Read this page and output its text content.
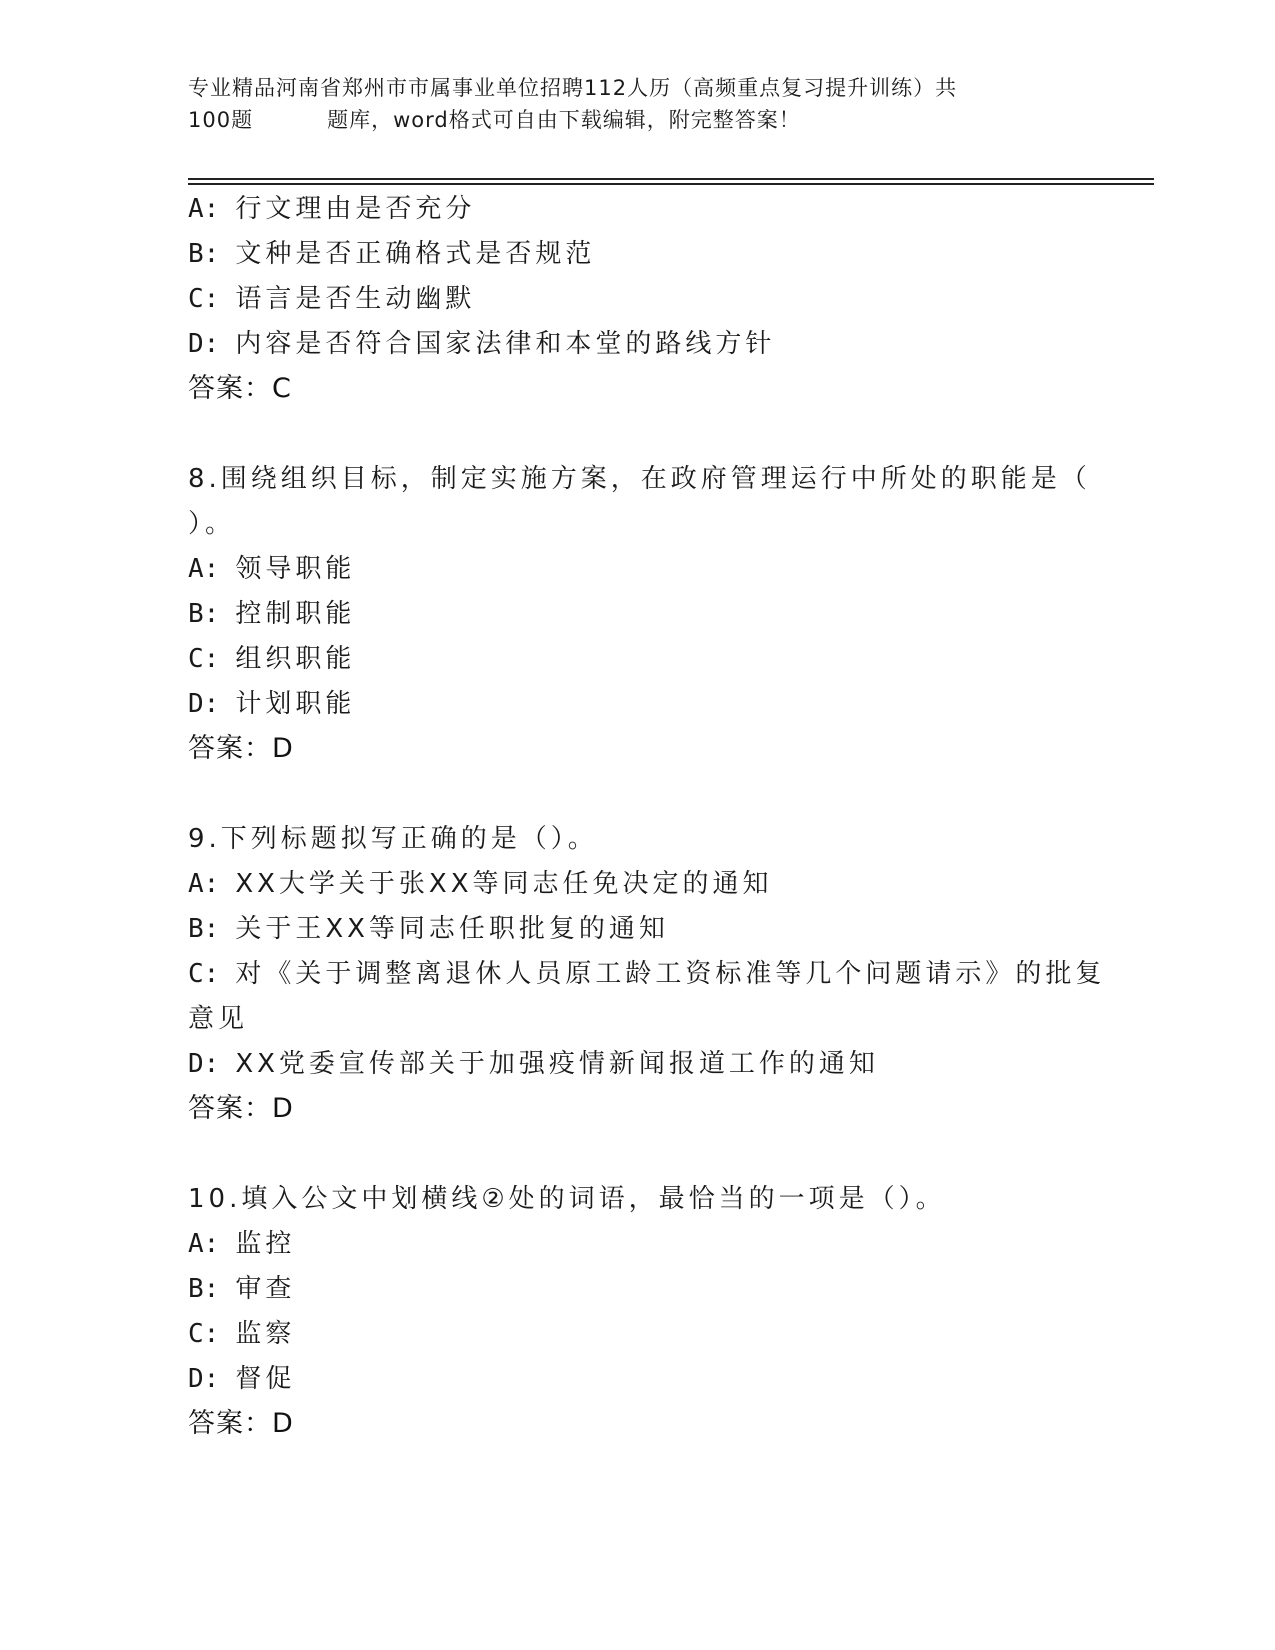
专业精品河南省郑州市市属事业单位招聘112人历（高频重点复习提升训练）共
100题	题库，word格式可自由下载编辑，附完整答案！
A: 行文理由是否充分
B: 文种是否正确格式是否规范
C: 语言是否生动幽默
D: 内容是否符合国家法律和本堂的路线方针
答案：C
8.围绕组织目标，制定实施方案，在政府管理运行中所处的职能是（
）。
A: 领导职能
B: 控制职能
C: 组织职能
D: 计划职能
答案：D
9.下列标题拟写正确的是（）。
A: XX大学关于张XX等同志任免决定的通知
B: 关于王XX等同志任职批复的通知
C: 对《关于调整离退休人员原工龄工资标准等几个问题请示》的批复
意见
D: XX党委宣传部关于加强疫情新闻报道工作的通知
答案：D
10.填入公文中划横线②处的词语，最恰当的一项是（）。
A: 监控
B: 审查
C: 监察
D: 督促
答案：D
